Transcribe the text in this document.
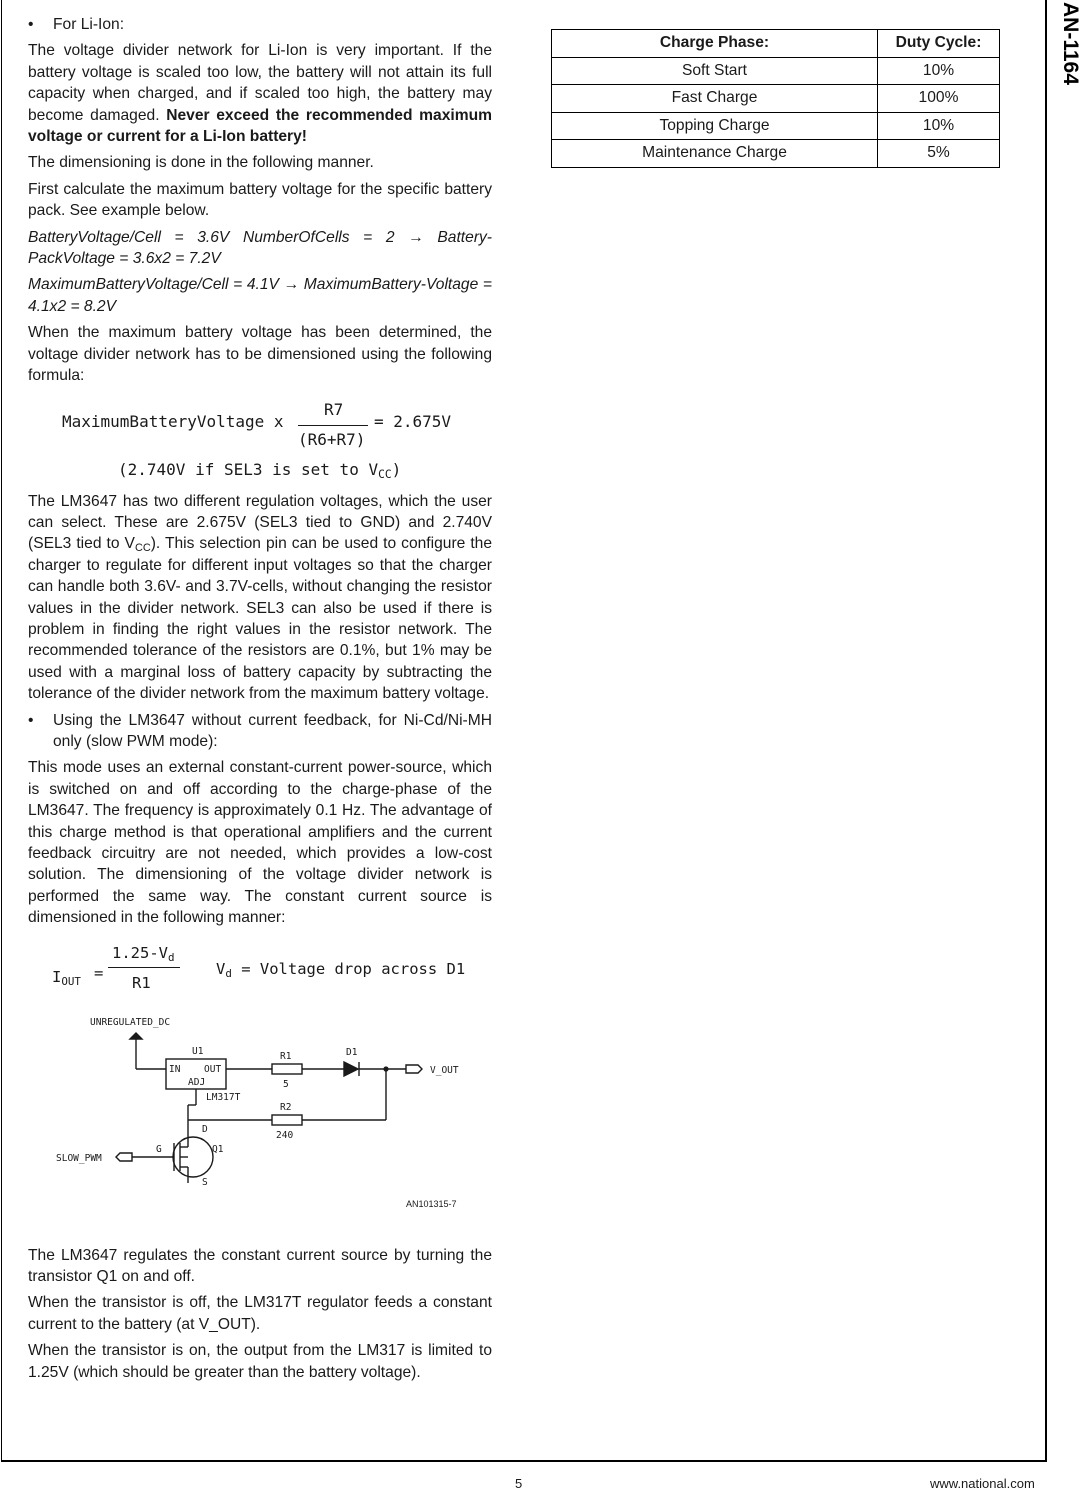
AN-1164
• For Li-Ion:

The voltage divider network for Li-Ion is very important. If the battery voltage is scaled too low, the battery will not attain its full capacity when charged, and if scaled too high, the battery may become damaged. Never exceed the recommended maximum voltage or current for a Li-Ion battery!

The dimensioning is done in the following manner.

First calculate the maximum battery voltage for the specific battery pack. See example below.

BatteryVoltage/Cell = 3.6V NumberOfCells = 2 → Battery-PackVoltage = 3.6x2 = 7.2V

MaximumBatteryVoltage/Cell = 4.1V → MaximumBattery-Voltage = 4.1x2 = 8.2V

When the maximum battery voltage has been determined, the voltage divider network has to be dimensioned using the following formula:

MaximumBatteryVoltage x
R7
(R6+R7)
= 2.675V
(2.740V if SEL3 is set to $V_{CC}$)

The LM3647 has two different regulation voltages, which the user can select. These are 2.675V (SEL3 tied to GND) and 2.740V (SEL3 tied to $V_{CC}$). This selection pin can be used to configure the charger to regulate for different input voltages so that the charger can handle both 3.6V- and 3.7V-cells, without changing the resistor values in the divider network. SEL3 can also be used if there is problem in finding the right values in the resistor network. The recommended tolerance of the resistors are 0.1%, but 1% may be used with a marginal loss of battery capacity by subtracting the tolerance of the divider network from the maximum battery voltage.

• Using the LM3647 without current feedback, for Ni-Cd/Ni-MH only (slow PWM mode):

This mode uses an external constant-current power-source, which is switched on and off according to the charge-phase of the LM3647. The frequency is approximately 0.1 Hz. The advantage of this charge method is that operational amplifiers and the current feedback circuitry are not needed, which provides a low-cost solution. The dimensioning of the voltage divider network is performed the same way. The constant current source is dimensioned in the following manner:

$I_{OUT}$ =
$1.25-V_d$
R1
$V_d$ = Voltage drop across D1
UNREGULATED_DC
U1
IN OUT
ADJ
LM317T
R1
5
D1
V_OUT
R2
240
D
G	Q1
S
SLOW_PWM
AN101315-7

The LM3647 regulates the constant current source by turning the transistor Q1 on and off.

When the transistor is off, the LM317T regulator feeds a constant current to the battery (at V_OUT).

When the transistor is on, the output from the LM317 is limited to 1.25V (which should be greater than the battery voltage).

Charge Phase:	Duty Cycle:
Soft Start	10%
Fast Charge	100%
Topping Charge	10%
Maintenance Charge	5%
5	www.national.com
